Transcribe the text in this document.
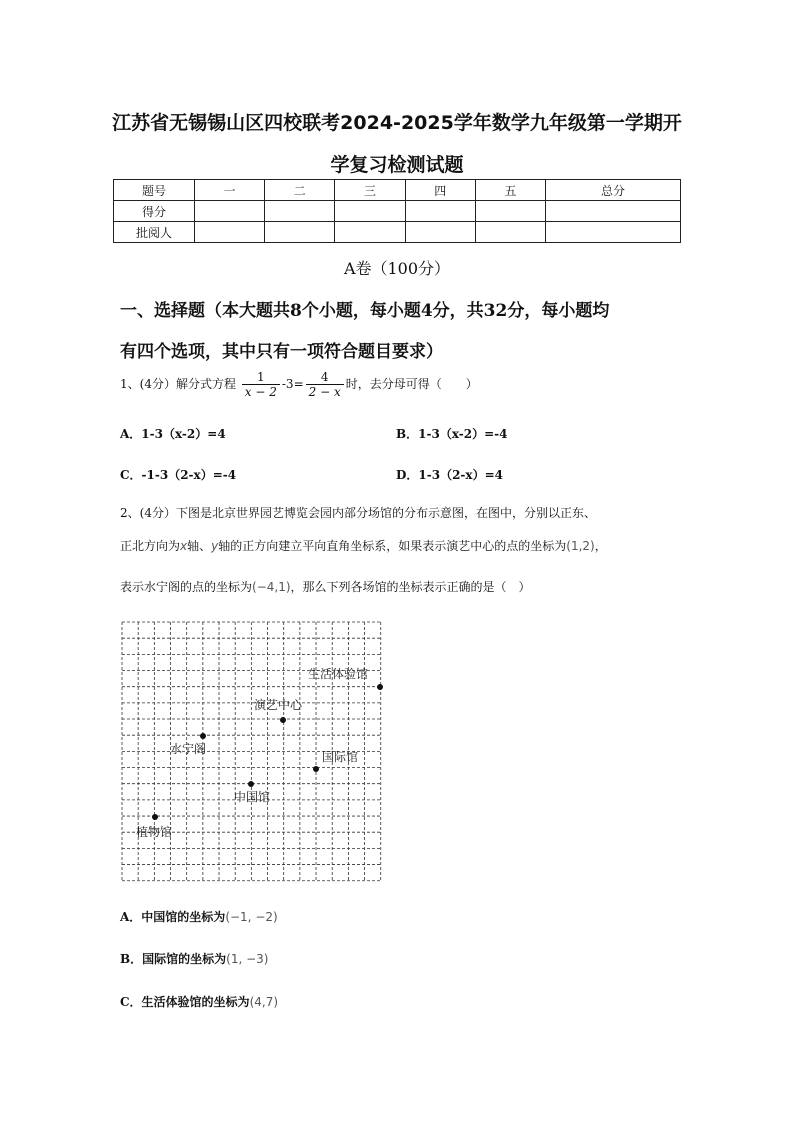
江苏省无锡锡山区四校联考2024-2025学年数学九年级第一学期开
学复习检测试题
题号	一	二	三	四	五	总分
得分						
批阅人						
A卷（100分）
一、选择题（本大题共8个小题，每小题4分，共32分，每小题均
有四个选项，其中只有一项符合题目要求）
1、(4分）解分式方程 $\frac{1}{x - 2} -3= \frac{4}{2 - x}$ 时，去分母可得（　　）
A．1-3（x-2）=4	B．1-3（x-2）=-4
C．-1-3（2-x）=-4	D．1-3（2-x）=4
2、(4分）下图是北京世界园艺博览会园内部分场馆的分布示意图，在图中，分别以正东、
正北方向为x轴、y轴的正方向建立平向直角坐标系，如果表示演艺中心的点的坐标为(1,2)，
表示水宁阁的点的坐标为(−4,1)，那么下列各场馆的坐标表示正确的是（　）
生活体验馆
演艺中心
水宁阁
国际馆
中国馆
植物馆
A．中国馆的坐标为(−1, −2)
B．国际馆的坐标为(1, −3)
C．生活体验馆的坐标为(4,7)
